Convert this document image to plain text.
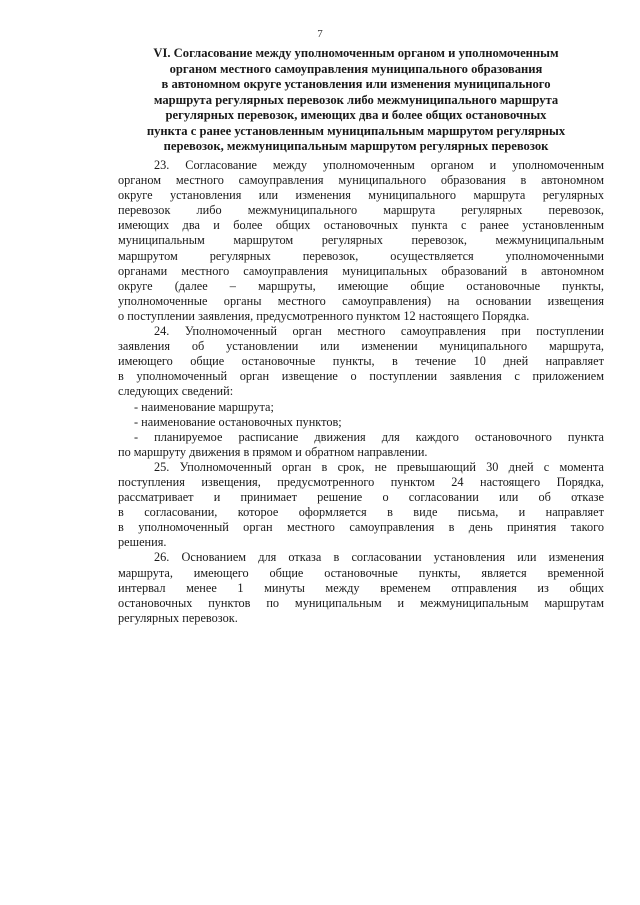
7
VI. Согласование между уполномоченным органом и уполномоченным
органом местного самоуправления муниципального образования
в автономном округе установления или изменения муниципального
маршрута регулярных перевозок либо межмуниципального маршрута
регулярных перевозок, имеющих два и более общих остановочных
пункта с ранее установленным муниципальным маршрутом регулярных
перевозок, межмуниципальным маршрутом регулярных перевозок
23. Согласование между уполномоченным органом и уполномоченным
органом местного самоуправления муниципального образования в автономном
округе установления или изменения муниципального маршрута регулярных
перевозок либо межмуниципального маршрута регулярных перевозок,
имеющих два и более общих остановочных пункта с ранее установленным
муниципальным маршрутом регулярных перевозок, межмуниципальным
маршрутом регулярных перевозок, осуществляется уполномоченными
органами местного самоуправления муниципальных образований в автономном
округе (далее – маршруты, имеющие общие остановочные пункты,
уполномоченные органы местного самоуправления) на основании извещения
о поступлении заявления, предусмотренного пунктом 12 настоящего Порядка.
24. Уполномоченный орган местного самоуправления при поступлении
заявления об установлении или изменении муниципального маршрута,
имеющего общие остановочные пункты, в течение 10 дней направляет
в уполномоченный орган извещение о поступлении заявления с приложением
следующих сведений:
- наименование маршрута;
- наименование остановочных пунктов;
- планируемое расписание движения для каждого остановочного пункта
по маршруту движения в прямом и обратном направлении.
25. Уполномоченный орган в срок, не превышающий 30 дней с момента
поступления извещения, предусмотренного пунктом 24 настоящего Порядка,
рассматривает и принимает решение о согласовании или об отказе
в согласовании, которое оформляется в виде письма, и направляет
в уполномоченный орган местного самоуправления в день принятия такого
решения.
26. Основанием для отказа в согласовании установления или изменения
маршрута, имеющего общие остановочные пункты, является временной
интервал менее 1 минуты между временем отправления из общих
остановочных пунктов по муниципальным и межмуниципальным маршрутам
регулярных перевозок.
